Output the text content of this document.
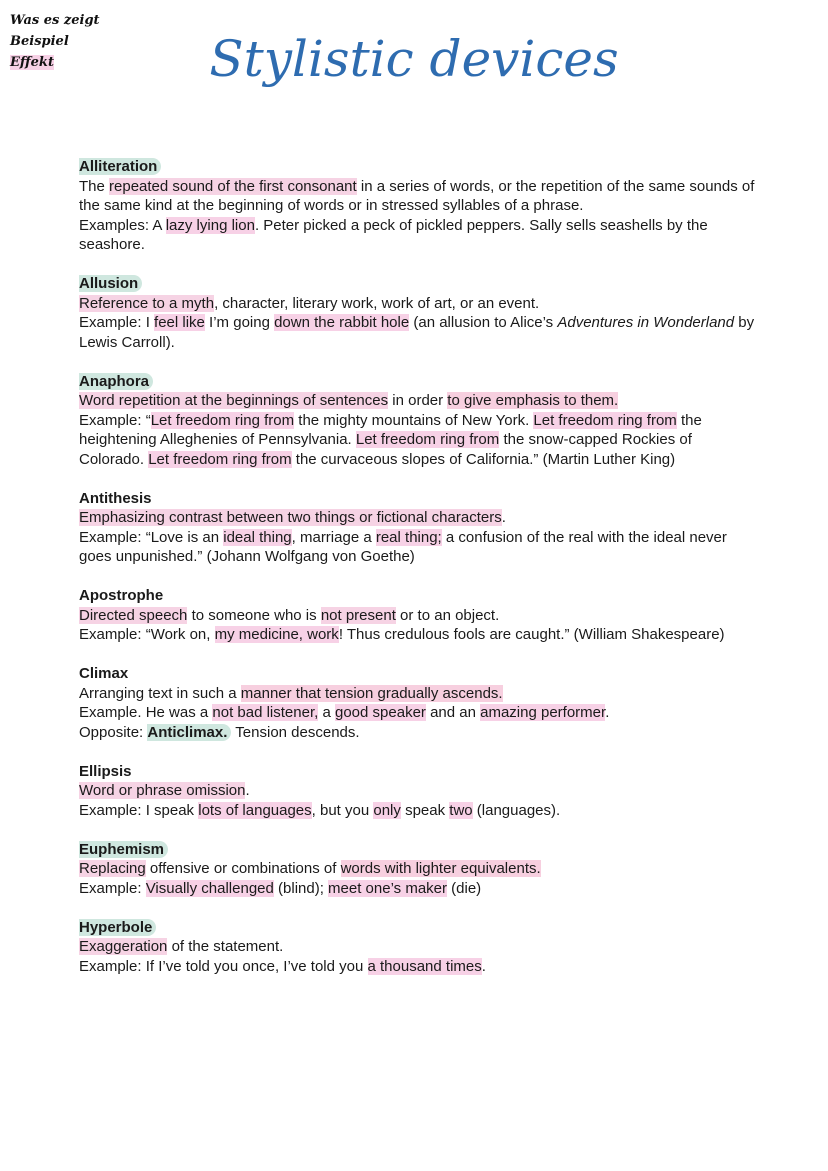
Was es zeigt
Beispiel
Effekt	Stylistic devices
Alliteration
The repeated sound of the first consonant in a series of words, or the repetition of the same sounds of the same kind at the beginning of words or in stressed syllables of a phrase.
Examples: A lazy lying lion. Peter picked a peck of pickled peppers. Sally sells seashells by the seashore.
Allusion
Reference to a myth, character, literary work, work of art, or an event.
Example: I feel like I’m going down the rabbit hole (an allusion to Alice’s Adventures in Wonderland by Lewis Carroll).
Anaphora
Word repetition at the beginnings of sentences in order to give emphasis to them.
Example: “Let freedom ring from the mighty mountains of New York. Let freedom ring from the heightening Alleghenies of Pennsylvania. Let freedom ring from the snow-capped Rockies of Colorado. Let freedom ring from the curvaceous slopes of California.” (Martin Luther King)
Antithesis
Emphasizing contrast between two things or fictional characters.
Example: “Love is an ideal thing, marriage a real thing; a confusion of the real with the ideal never goes unpunished.” (Johann Wolfgang von Goethe)
Apostrophe
Directed speech to someone who is not present or to an object.
Example: “Work on, my medicine, work! Thus credulous fools are caught.” (William Shakespeare)
Climax
Arranging text in such a manner that tension gradually ascends.
Example. He was a not bad listener, a good speaker and an amazing performer.
Opposite: Anticlimax. Tension descends.
Ellipsis
Word or phrase omission.
Example: I speak lots of languages, but you only speak two (languages).
Euphemism
Replacing offensive or combinations of words with lighter equivalents.
Example: Visually challenged (blind); meet one’s maker (die)
Hyperbole
Exaggeration of the statement.
Example: If I’ve told you once, I’ve told you a thousand times.
